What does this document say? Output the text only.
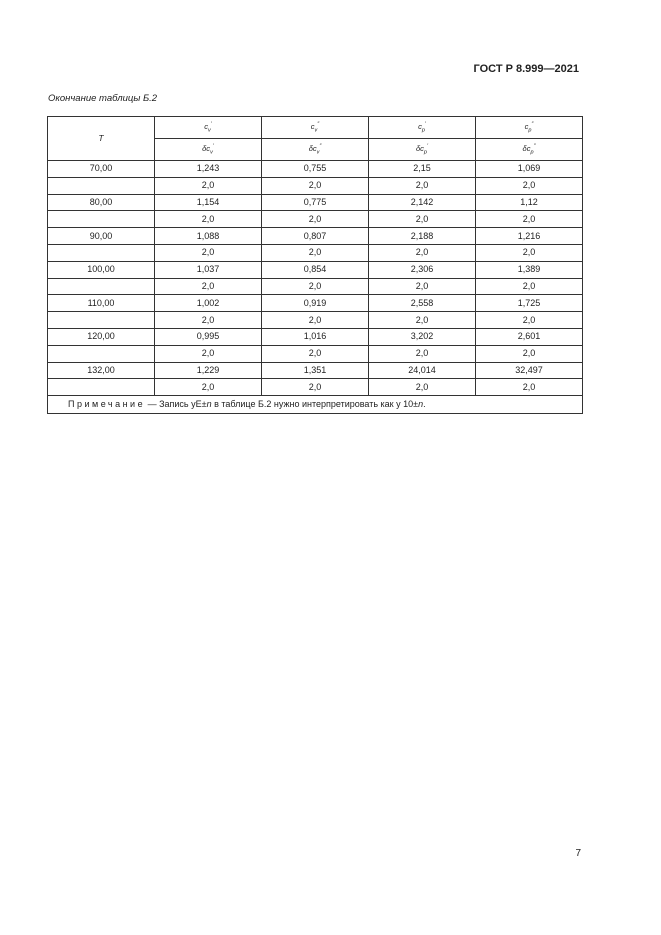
ГОСТ Р 8.999—2021
Окончание таблицы Б.2
T	$c_v'$	$c_v''$	$c_p'$	$c_p''$
	$\delta c_v'$	$\delta c_v''$	$\delta c_p'$	$\delta c_p''$
70,00	1,243	0,755	2,15	1,069
	2,0	2,0	2,0	2,0
80,00	1,154	0,775	2,142	1,12
	2,0	2,0	2,0	2,0
90,00	1,088	0,807	2,188	1,216
	2,0	2,0	2,0	2,0
100,00	1,037	0,854	2,306	1,389
	2,0	2,0	2,0	2,0
110,00	1,002	0,919	2,558	1,725
	2,0	2,0	2,0	2,0
120,00	0,995	1,016	3,202	2,601
	2,0	2,0	2,0	2,0
132,00	1,229	1,351	24,014	32,497
	2,0	2,0	2,0	2,0
Примечание — Запись yE±n в таблице Б.2 нужно интерпретировать как y 10±n.				
7
